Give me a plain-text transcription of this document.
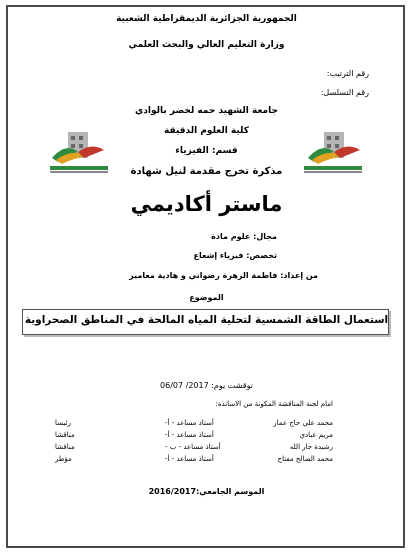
الجمهورية الجزائرية الديمقراطية الشعبية
وزارة التعليم العالي والبحث العلمي
رقم الترتيب:
رقم التسلسل:
جامعة الشهيد حمه لخضر بالوادي
كلية العلوم الدقيقة
قسم: الفيزياء
مذكرة تخرج مقدمة لنيل شهادة
ماستر أكاديمي
مجال: علوم مادة
تخصص: فيزياء إشعاع
من إعداد: فاطمة الزهرة رضواني و هادية معامير
الموضوع
استعمال الطاقة الشمسية لتحلية المياه المالحة في المناطق الصحراوية
نوقشت يوم: 2017/ 06/07
امام لجنة المناقشة المكونة من الاساتذة:
محمد علي حاج عمار
أستاذ مساعد - أ-
رئيسا
مريم عبادي
أستاذ مساعد - أ-
مناقشا
رشيدة جار الله
أستاذ مساعد - ب -
مناقشا
محمد الصالح مفتاح
أستاذ مساعد - أ-
مؤطر
الموسم الجامعي:2016/2017
